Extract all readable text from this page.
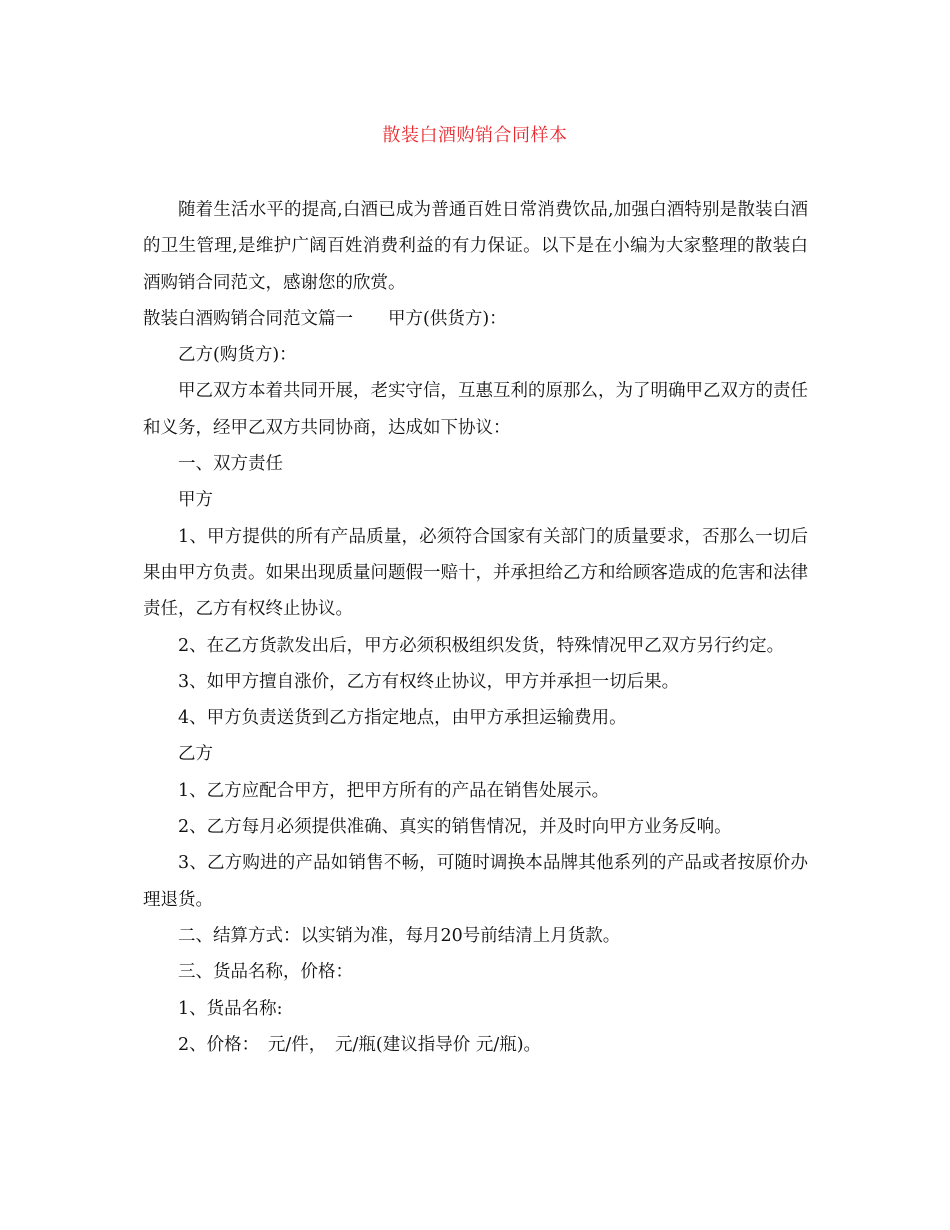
散装白酒购销合同样本

随着生活水平的提高,白酒已成为普通百姓日常消费饮品,加强白酒特别是散装白酒的卫生管理,是维护广阔百姓消费利益的有力保证。以下是在小编为大家整理的散装白酒购销合同范文，感谢您的欣赏。

散装白酒购销合同范文篇一　　甲方(供货方)：

乙方(购货方)：

甲乙双方本着共同开展，老实守信，互惠互利的原那么，为了明确甲乙双方的责任和义务，经甲乙双方共同协商，达成如下协议：

一、双方责任

甲方

1、甲方提供的所有产品质量，必须符合国家有关部门的质量要求，否那么一切后果由甲方负责。如果出现质量问题假一赔十，并承担给乙方和给顾客造成的危害和法律责任，乙方有权终止协议。

2、在乙方货款发出后，甲方必须积极组织发货，特殊情况甲乙双方另行约定。

3、如甲方擅自涨价，乙方有权终止协议，甲方并承担一切后果。

4、甲方负责送货到乙方指定地点，由甲方承担运输费用。

乙方

1、乙方应配合甲方，把甲方所有的产品在销售处展示。

2、乙方每月必须提供准确、真实的销售情况，并及时向甲方业务反响。

3、乙方购进的产品如销售不畅，可随时调换本品牌其他系列的产品或者按原价办理退货。

二、结算方式：以实销为准，每月20号前结清上月货款。

三、货品名称，价格：

1、货品名称:

2、价格：　元/件，　元/瓶(建议指导价 元/瓶)。
